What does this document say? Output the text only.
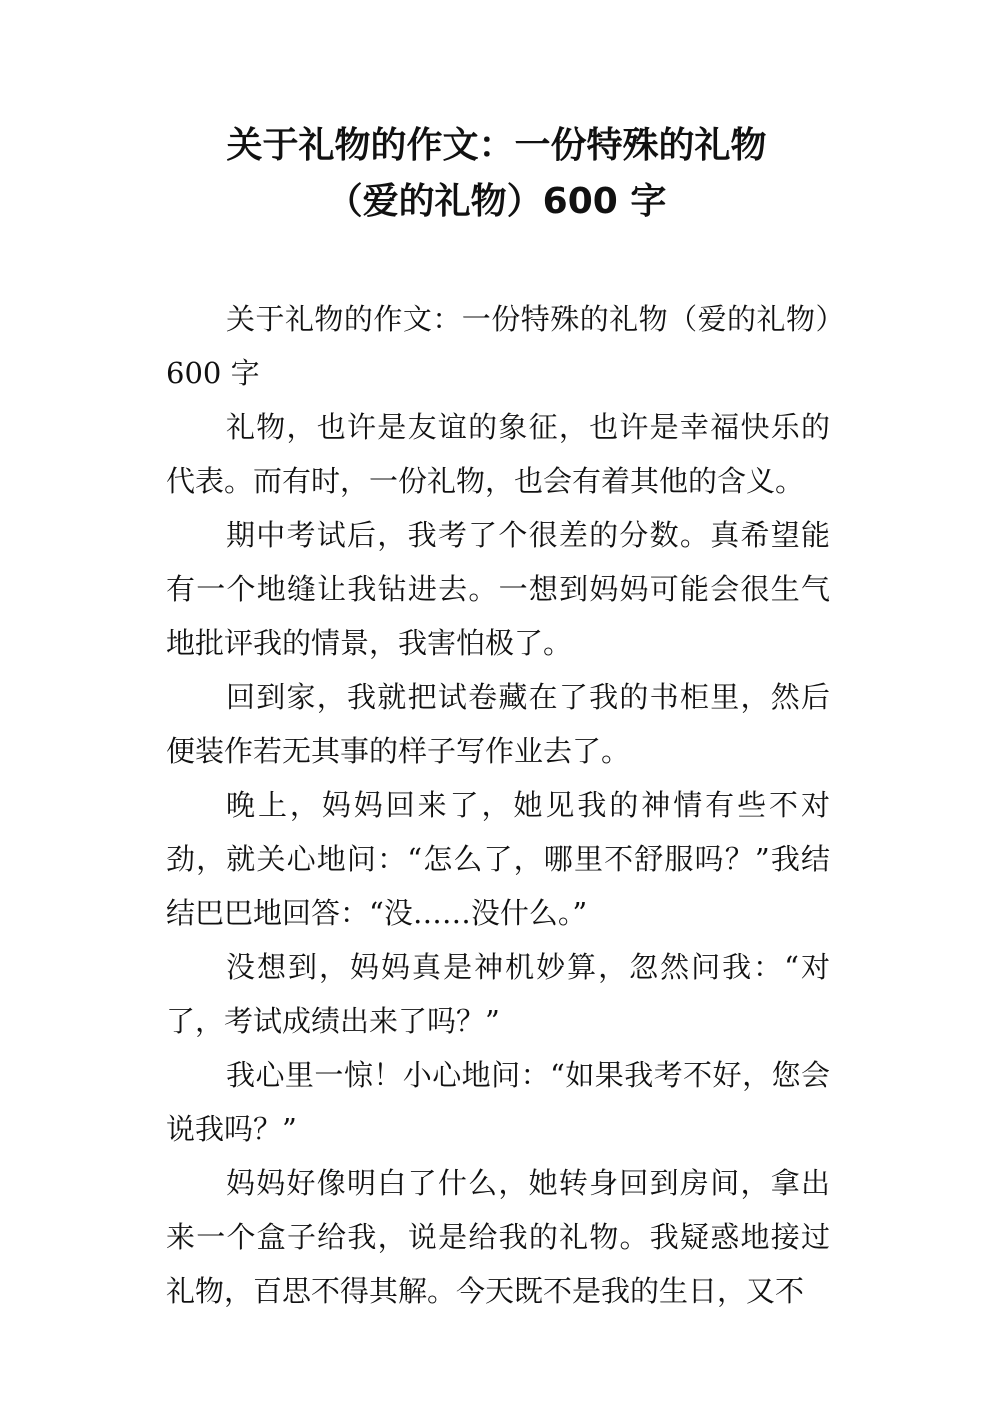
关于礼物的作文：一份特殊的礼物
（爱的礼物）600 字

关于礼物的作文：一份特殊的礼物（爱的礼物）600 字

礼物，也许是友谊的象征，也许是幸福快乐的代表。而有时，一份礼物，也会有着其他的含义。

期中考试后，我考了个很差的分数。真希望能有一个地缝让我钻进去。一想到妈妈可能会很生气地批评我的情景，我害怕极了。

回到家，我就把试卷藏在了我的书柜里，然后便装作若无其事的样子写作业去了。

晚上，妈妈回来了，她见我的神情有些不对劲，就关心地问：“怎么了，哪里不舒服吗？”我结结巴巴地回答：“没……没什么。”

没想到，妈妈真是神机妙算，忽然问我：“对了，考试成绩出来了吗？”

我心里一惊！小心地问：“如果我考不好，您会说我吗？”

妈妈好像明白了什么，她转身回到房间，拿出来一个盒子给我，说是给我的礼物。我疑惑地接过礼物，百思不得其解。今天既不是我的生日，又不
